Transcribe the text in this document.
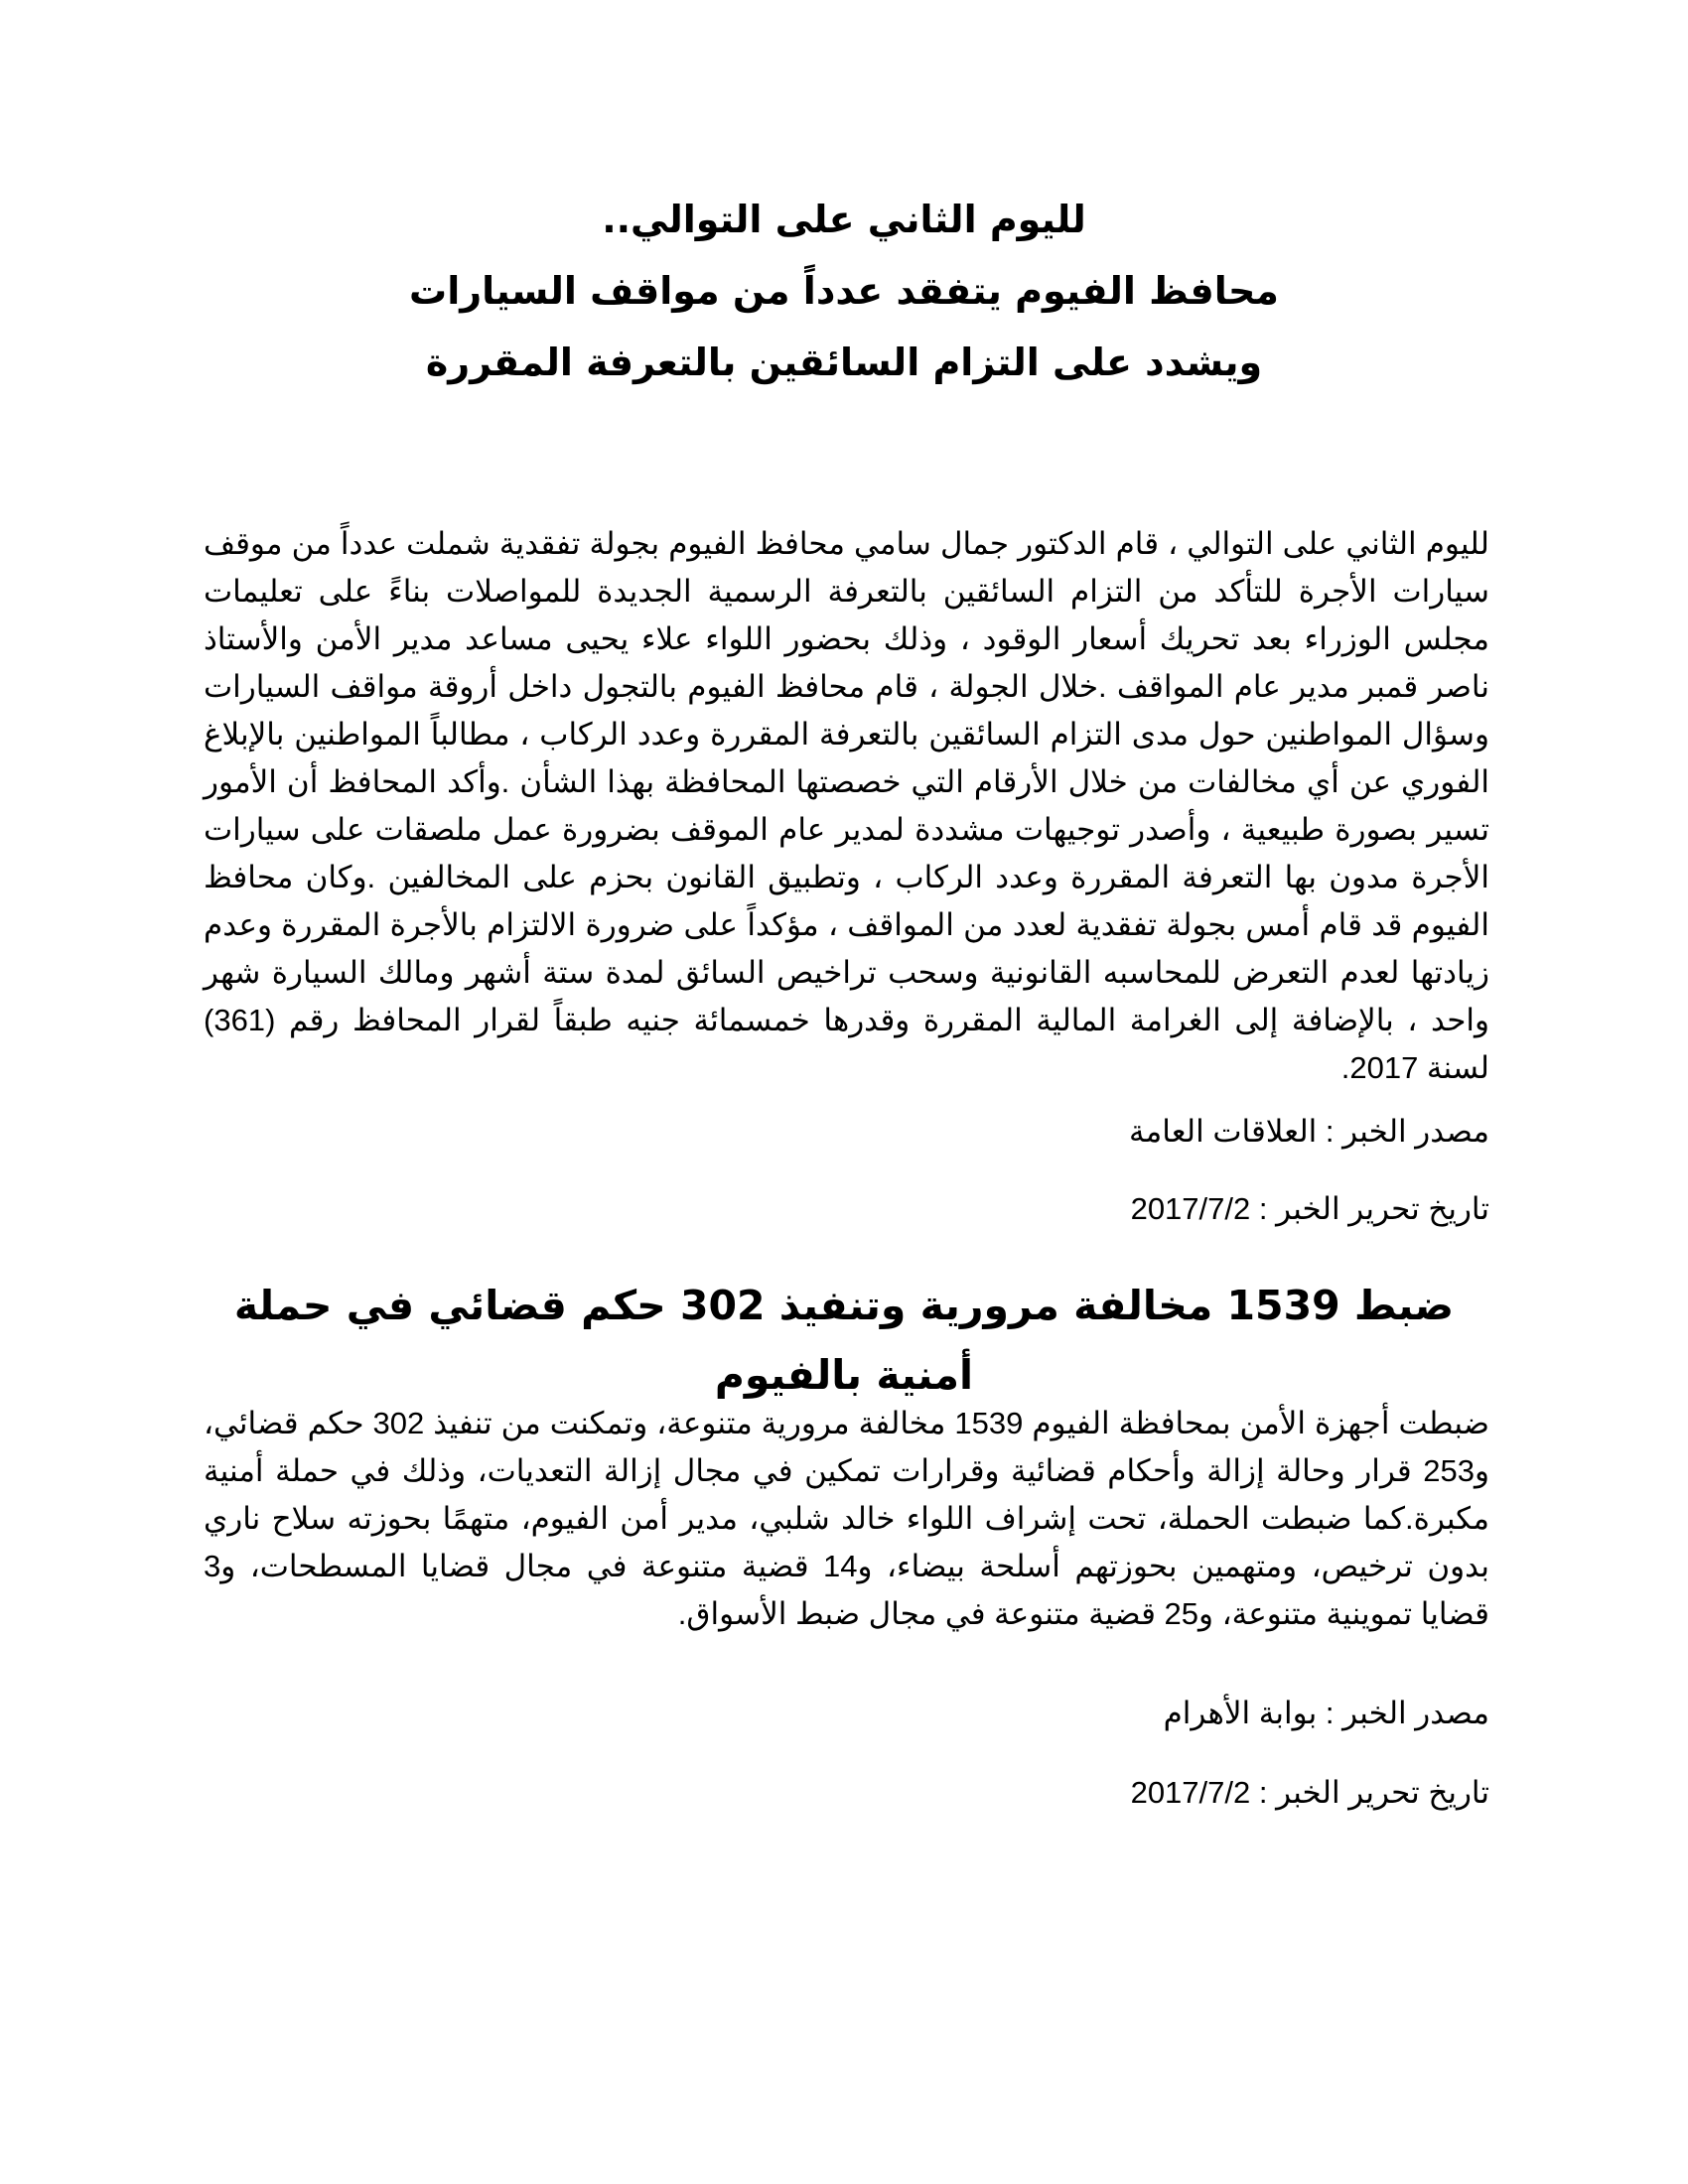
لليوم الثاني على التوالي..
محافظ الفيوم يتفقد عدداً من مواقف السيارات
ويشدد على التزام السائقين بالتعرفة المقررة

لليوم الثاني على التوالي ، قام الدكتور جمال سامي محافظ الفيوم بجولة تفقدية شملت عدداً من موقف سيارات الأجرة للتأكد من التزام السائقين بالتعرفة الرسمية الجديدة للمواصلات بناءً على تعليمات مجلس الوزراء بعد تحريك أسعار الوقود ، وذلك بحضور اللواء علاء يحيى مساعد مدير الأمن والأستاذ ناصر قمبر مدير عام المواقف .خلال الجولة ، قام محافظ الفيوم بالتجول داخل أروقة مواقف السيارات وسؤال المواطنين حول مدى التزام السائقين بالتعرفة المقررة وعدد الركاب ، مطالباً المواطنين بالإبلاغ الفوري عن أي مخالفات من خلال الأرقام التي خصصتها المحافظة بهذا الشأن .وأكد المحافظ أن الأمور تسير بصورة طبيعية ، وأصدر توجيهات مشددة لمدير عام الموقف بضرورة عمل ملصقات على سيارات الأجرة مدون بها التعرفة المقررة وعدد الركاب ، وتطبيق القانون بحزم على المخالفين .وكان محافظ الفيوم قد قام أمس بجولة تفقدية لعدد من المواقف ، مؤكداً على ضرورة الالتزام بالأجرة المقررة وعدم زيادتها لعدم التعرض للمحاسبه القانونية وسحب تراخيص السائق لمدة ستة أشهر ومالك السيارة شهر واحد ، بالإضافة إلى الغرامة المالية المقررة وقدرها خمسمائة جنيه طبقاً لقرار المحافظ رقم (361) لسنة 2017.

مصدر الخبر : العلاقات العامة

تاريخ تحرير الخبر : 2017/7/2

ضبط 1539 مخالفة مرورية وتنفيذ 302 حكم قضائي في حملة أمنية بالفيوم

ضبطت أجهزة الأمن بمحافظة الفيوم 1539 مخالفة مرورية متنوعة، وتمكنت من تنفيذ 302 حكم قضائي، و253 قرار وحالة إزالة وأحكام قضائية وقرارات تمكين في مجال إزالة التعديات، وذلك في حملة أمنية مكبرة.كما ضبطت الحملة، تحت إشراف اللواء خالد شلبي، مدير أمن الفيوم، متهمًا بحوزته سلاح ناري بدون ترخيص، ومتهمين بحوزتهم أسلحة بيضاء، و14 قضية متنوعة في مجال قضايا المسطحات، و3 قضايا تموينية متنوعة، و25 قضية متنوعة في مجال ضبط الأسواق.

مصدر الخبر : بوابة الأهرام

تاريخ تحرير الخبر : 2017/7/2
